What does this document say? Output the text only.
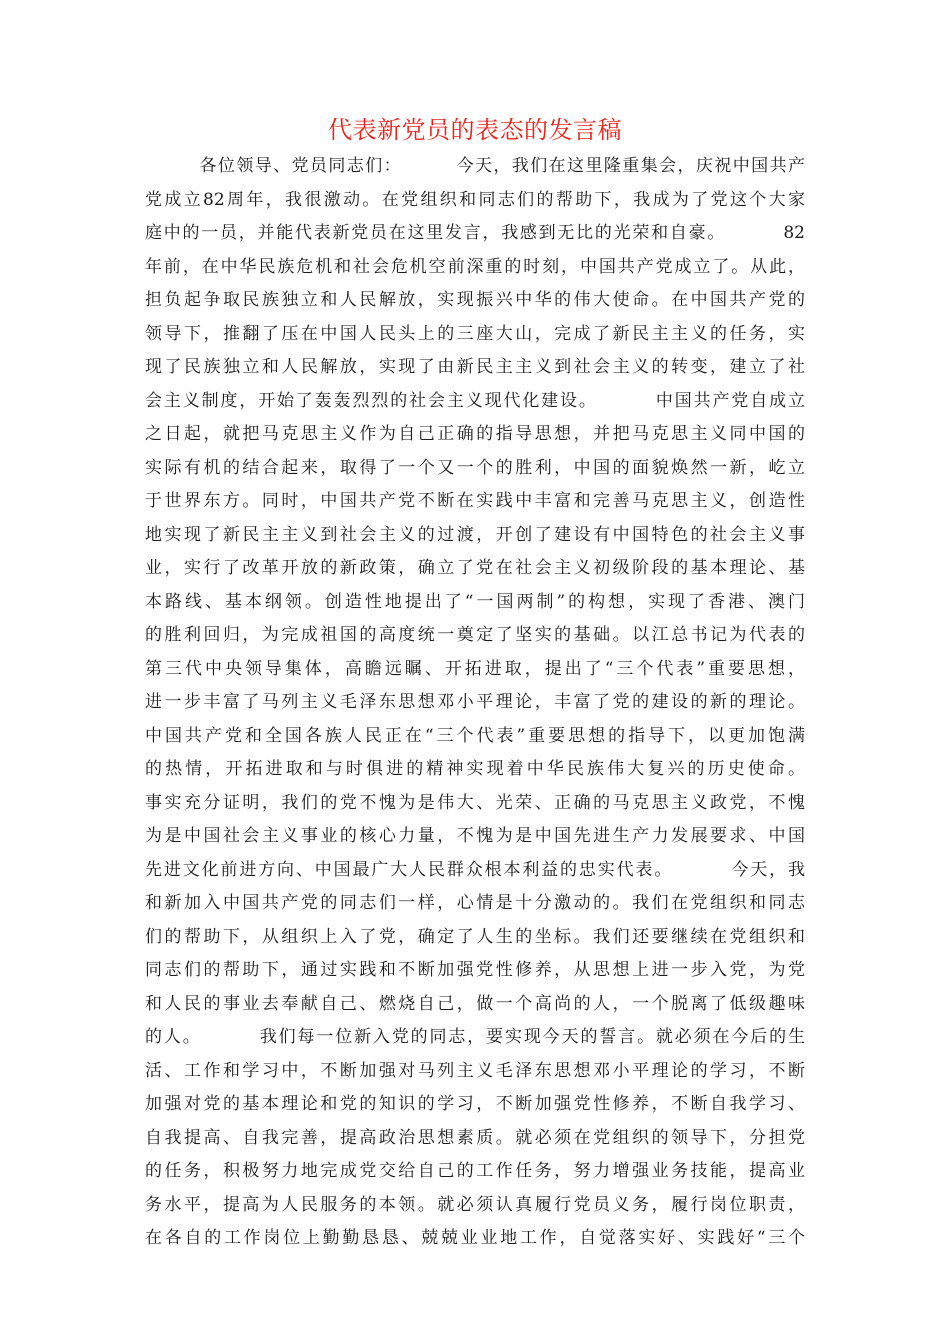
代表新党员的表态的发言稿
各位领导、党员同志们：        今天，我们在这里隆重集会，庆祝中国共产
党成立82周年，我很激动。在党组织和同志们的帮助下，我成为了党这个大家
庭中的一员，并能代表新党员在这里发言，我感到无比的光荣和自豪。        82
年前，在中华民族危机和社会危机空前深重的时刻，中国共产党成立了。从此，
担负起争取民族独立和人民解放，实现振兴中华的伟大使命。在中国共产党的
领导下，推翻了压在中国人民头上的三座大山，完成了新民主主义的任务，实
现了民族独立和人民解放，实现了由新民主主义到社会主义的转变，建立了社
会主义制度，开始了轰轰烈烈的社会主义现代化建设。        中国共产党自成立
之日起，就把马克思主义作为自己正确的指导思想，并把马克思主义同中国的
实际有机的结合起来，取得了一个又一个的胜利，中国的面貌焕然一新，屹立
于世界东方。同时，中国共产党不断在实践中丰富和完善马克思主义，创造性
地实现了新民主主义到社会主义的过渡，开创了建设有中国特色的社会主义事
业，实行了改革开放的新政策，确立了党在社会主义初级阶段的基本理论、基
本路线、基本纲领。创造性地提出了“一国两制”的构想，实现了香港、澳门
的胜利回归，为完成祖国的高度统一奠定了坚实的基础。以江总书记为代表的
第三代中央领导集体，高瞻远瞩、开拓进取，提出了“三个代表”重要思想，
进一步丰富了马列主义毛泽东思想邓小平理论，丰富了党的建设的新的理论。
中国共产党和全国各族人民正在“三个代表”重要思想的指导下，以更加饱满
的热情，开拓进取和与时俱进的精神实现着中华民族伟大复兴的历史使命。
事实充分证明，我们的党不愧为是伟大、光荣、正确的马克思主义政党，不愧
为是中国社会主义事业的核心力量，不愧为是中国先进生产力发展要求、中国
先进文化前进方向、中国最广大人民群众根本利益的忠实代表。        今天，我
和新加入中国共产党的同志们一样，心情是十分激动的。我们在党组织和同志
们的帮助下，从组织上入了党，确定了人生的坐标。我们还要继续在党组织和
同志们的帮助下，通过实践和不断加强党性修养，从思想上进一步入党，为党
和人民的事业去奉献自己、燃烧自己，做一个高尚的人，一个脱离了低级趣味
的人。        我们每一位新入党的同志，要实现今天的誓言。就必须在今后的生
活、工作和学习中，不断加强对马列主义毛泽东思想邓小平理论的学习，不断
加强对党的基本理论和党的知识的学习，不断加强党性修养，不断自我学习、
自我提高、自我完善，提高政治思想素质。就必须在党组织的领导下，分担党
的任务，积极努力地完成党交给自己的工作任务，努力增强业务技能，提高业
务水平，提高为人民服务的本领。就必须认真履行党员义务，履行岗位职责，
在各自的工作岗位上勤勤恳恳、兢兢业业地工作，自觉落实好、实践好“三个
